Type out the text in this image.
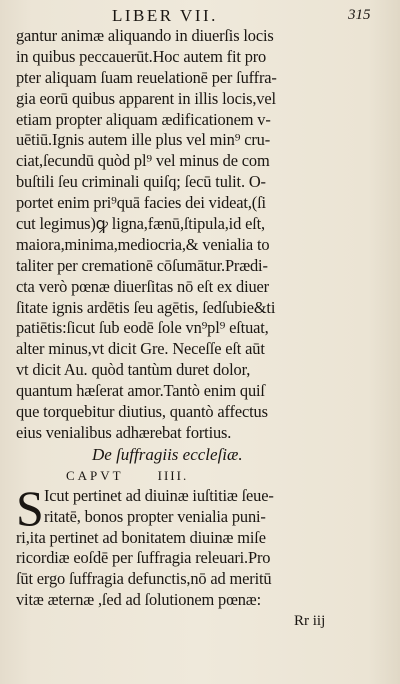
LIBER VII.	315
gantur animæ aliquando in diuerſis locis
in quibus peccauerūt.Hoc autem fit pro
pter aliquam ſuam reuelationē per ſuffra-
gia eorū quibus apparent in illis locis,vel
etiam propter aliquam ædificationem v-
uētiū.Ignis autem ille plus vel min⁹ cru-
ciat,ſecundū quòd pl⁹ vel minus de com
buſtili ſeu criminali quiſq; ſecū tulit. O-
portet enim pri⁹quā facies dei videat,(ſi
cut legimus)ꝙ ligna,fænū,ſtipula,id eſt,
maiora,minima,mediocria,& venialia to
taliter per cremationē cōſumātur.Prædi-
cta verò pœnæ diuerſitas nō eſt ex diuer
ſitate ignis ardētis ſeu agētis, ſedſubie&ti
patiētis:ſicut ſub eodē ſole vn⁹pl⁹ eſtuat,
alter minus,vt dicit Gre. Neceſſe eſt aūt
vt dicit Au. quòd tantùm duret dolor,
quantum hæſerat amor.Tantò enim quiſ
que torquebitur diutius, quantò affectus
eius venialibus adhærebat fortius.
De ſuffragiis eccleſiæ.
CAPVT	IIII.
S Icut pertinet ad diuinæ iuſtitiæ ſeue-
ritatē, bonos propter venialia puni-
ri,ita pertinet ad bonitatem diuinæ miſe
ricordiæ eoſdē per ſuffragia releuari.Pro
ſūt ergo ſuffragia defunctis,nō ad meritū
vitæ æternæ ,ſed ad ſolutionem pœnæ:
Rr iij
